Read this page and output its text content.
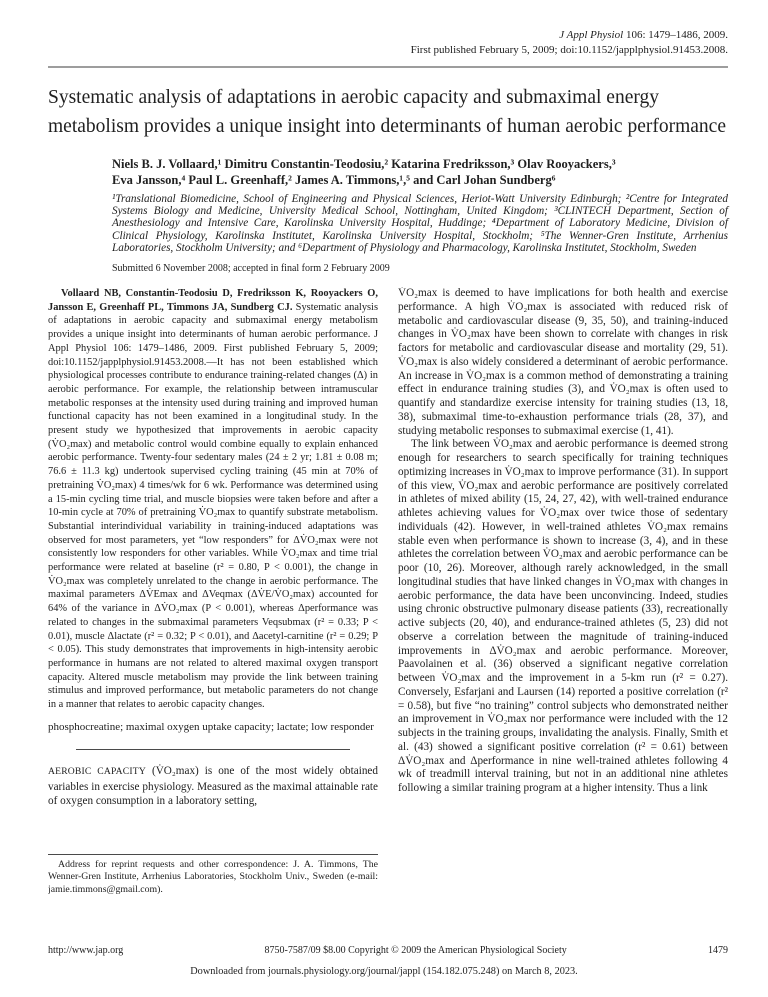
J Appl Physiol 106: 1479–1486, 2009.
First published February 5, 2009; doi:10.1152/japplphysiol.91453.2008.
Systematic analysis of adaptations in aerobic capacity and submaximal energy metabolism provides a unique insight into determinants of human aerobic performance
Niels B. J. Vollaard,¹ Dimitru Constantin-Teodosiu,² Katarina Fredriksson,³ Olav Rooyackers,³
Eva Jansson,⁴ Paul L. Greenhaff,² James A. Timmons,¹,⁵ and Carl Johan Sundberg⁶
¹Translational Biomedicine, School of Engineering and Physical Sciences, Heriot-Watt University Edinburgh; ²Centre for Integrated Systems Biology and Medicine, University Medical School, Nottingham, United Kingdom; ³CLINTECH Department, Section of Anesthesiology and Intensive Care, Karolinska University Hospital, Huddinge; ⁴Department of Laboratory Medicine, Division of Clinical Physiology, Karolinska Institutet, Karolinska University Hospital, Stockholm; ⁵The Wenner-Gren Institute, Arrhenius Laboratories, Stockholm University; and ⁶Department of Physiology and Pharmacology, Karolinska Institutet, Stockholm, Sweden
Submitted 6 November 2008; accepted in final form 2 February 2009

Vollaard NB, Constantin-Teodosiu D, Fredriksson K, Rooyackers O, Jansson E, Greenhaff PL, Timmons JA, Sundberg CJ. Systematic analysis of adaptations in aerobic capacity and submaximal energy metabolism provides a unique insight into determinants of human aerobic performance. J Appl Physiol 106: 1479–1486, 2009. First published February 5, 2009; doi:10.1152/japplphysiol.91453.2008.—It has not been established which physiological processes contribute to endurance training-related changes (Δ) in aerobic performance. For example, the relationship between intramuscular metabolic responses at the intensity used during training and improved human functional capacity has not been examined in a longitudinal study. In the present study we hypothesized that improvements in aerobic capacity (V̇O₂max) and metabolic control would combine equally to explain enhanced aerobic performance. Twenty-four sedentary males (24 ± 2 yr; 1.81 ± 0.08 m; 76.6 ± 11.3 kg) undertook supervised cycling training (45 min at 70% of pretraining V̇O₂max) 4 times/wk for 6 wk. Performance was determined using a 15-min cycling time trial, and muscle biopsies were taken before and after a 10-min cycle at 70% of pretraining V̇O₂max to quantify substrate metabolism. Substantial interindividual variability in training-induced adaptations was observed for most parameters, yet “low responders” for ΔV̇O₂max were not consistently low responders for other variables. While V̇O₂max and time trial performance were related at baseline (r² = 0.80, P < 0.001), the change in V̇O₂max was completely unrelated to the change in aerobic performance. The maximal parameters ΔV̇Emax and ΔVeqmax (ΔV̇E/V̇O₂max) accounted for 64% of the variance in ΔV̇O₂max (P < 0.001), whereas Δperformance was related to changes in the submaximal parameters Veqsubmax (r² = 0.33; P < 0.01), muscle Δlactate (r² = 0.32; P < 0.01), and Δacetyl-carnitine (r² = 0.29; P < 0.05). This study demonstrates that improvements in high-intensity aerobic performance in humans are not related to altered maximal oxygen transport capacity. Altered muscle metabolism may provide the link between training stimulus and improved performance, but metabolic parameters do not change in a manner that relates to aerobic capacity changes.

phosphocreatine; maximal oxygen uptake capacity; lactate; low responder

AEROBIC CAPACITY (V̇O₂max) is one of the most widely obtained variables in exercise physiology. Measured as the maximal attainable rate of oxygen consumption in a laboratory setting,

Address for reprint requests and other correspondence: J. A. Timmons, The Wenner-Gren Institute, Arrhenius Laboratories, Stockholm Univ., Sweden (e-mail: jamie.timmons@gmail.com).

V̇O₂max is deemed to have implications for both health and exercise performance. A high V̇O₂max is associated with reduced risk of metabolic and cardiovascular disease (9, 35, 50), and training-induced changes in V̇O₂max have been shown to correlate with changes in risk factors for metabolic and cardiovascular disease and mortality (29, 51). V̇O₂max is also widely considered a determinant of aerobic performance. An increase in V̇O₂max is a common method of demonstrating a training effect in endurance training studies (3), and V̇O₂max is often used to quantify and standardize exercise intensity for training studies (13, 18, 38), submaximal time-to-exhaustion performance trials (28, 37), and studying metabolic responses to submaximal exercise (1, 41).

The link between V̇O₂max and aerobic performance is deemed strong enough for researchers to search specifically for training techniques optimizing increases in V̇O₂max to improve performance (31). In support of this view, V̇O₂max and aerobic performance are positively correlated in athletes of mixed ability (15, 24, 27, 42), with well-trained endurance athletes achieving values for V̇O₂max over twice those of sedentary individuals (42). However, in well-trained athletes V̇O₂max remains stable even when performance is shown to increase (3, 4), and in these athletes the correlation between V̇O₂max and aerobic performance can be poor (10, 26). Moreover, although rarely acknowledged, in the small longitudinal studies that have linked changes in V̇O₂max with changes in aerobic performance, the data have been unconvincing. Indeed, studies using chronic obstructive pulmonary disease patients (33), recreationally active subjects (20, 40), and endurance-trained athletes (5, 23) did not observe a correlation between the magnitude of training-induced improvements in ΔV̇O₂max and aerobic performance. Moreover, Paavolainen et al. (36) observed a significant negative correlation between V̇O₂max and the improvement in a 5-km run (r² = 0.27). Conversely, Esfarjani and Laursen (14) reported a positive correlation (r² = 0.58), but five “no training” control subjects who demonstrated neither an improvement in V̇O₂max nor performance were included with the 12 subjects in the training groups, invalidating the analysis. Finally, Smith et al. (43) showed a significant positive correlation (r² = 0.61) between ΔV̇O₂max and Δperformance in nine well-trained athletes following 4 wk of treadmill interval training, but not in an additional nine athletes following a similar training program at a higher intensity. Thus a link

http://www.jap.org	8750-7587/09 $8.00 Copyright © 2009 the American Physiological Society	1479
Downloaded from journals.physiology.org/journal/jappl (154.182.075.248) on March 8, 2023.
